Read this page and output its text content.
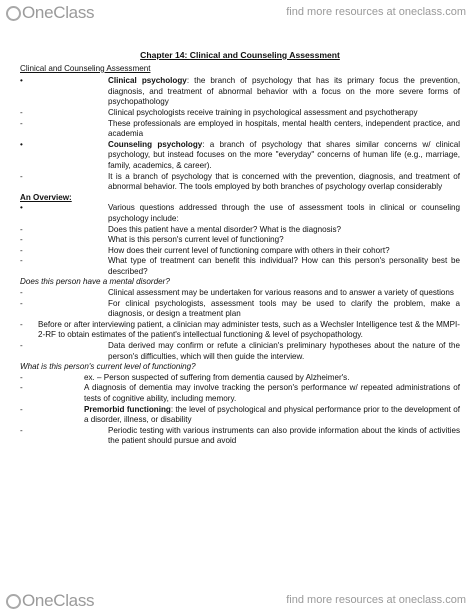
OneClass	find more resources at oneclass.com
Chapter 14: Clinical and Counseling Assessment
Clinical and Counseling Assessment
•	Clinical psychology: the branch of psychology that has its primary focus the prevention, diagnosis, and treatment of abnormal behavior with a focus on the more severe forms of psychopathology
-	Clinical psychologists receive training in psychological assessment and psychotherapy
-	These professionals are employed in hospitals, mental health centers, independent practice, and academia
•	Counseling psychology: a branch of psychology that shares similar concerns w/ clinical psychology, but instead focuses on the more "everyday" concerns of human life (e.g., marriage, family, academics, & career).
-	It is a branch of psychology that is concerned with the prevention, diagnosis, and treatment of abnormal behavior. The tools employed by both branches of psychology overlap considerably
An Overview:
•	Various questions addressed through the use of assessment tools in clinical or counseling psychology include:
-	Does this patient have a mental disorder? What is the diagnosis?
-	What is this person's current level of functioning?
-	How does their current level of functioning compare with others in their cohort?
-	What type of treatment can benefit this individual? How can this person's personality best be described?
Does this person have a mental disorder?
-	Clinical assessment may be undertaken for various reasons and to answer a variety of questions
-	For clinical psychologists, assessment tools may be used to clarify the problem, make a diagnosis, or design a treatment plan
- Before or after interviewing patient, a clinician may administer tests, such as a Wechsler Intelligence test & the MMPI-2-RF to obtain estimates of the patient's intellectual functioning & level of psychopathology.
-	Data derived may confirm or refute a clinician's preliminary hypotheses about the nature of the person's difficulties, which will then guide the interview.
What is this person's current level of functioning?
-	ex. – Person suspected of suffering from dementia caused by Alzheimer's.
-	A diagnosis of dementia may involve tracking the person's performance w/ repeated administrations of tests of cognitive ability, including memory.
-	Premorbid functioning: the level of psychological and physical performance prior to the development of a disorder, illness, or disability
-	Periodic testing with various instruments can also provide information about the kinds of activities the patient should pursue and avoid
OneClass	find more resources at oneclass.com
